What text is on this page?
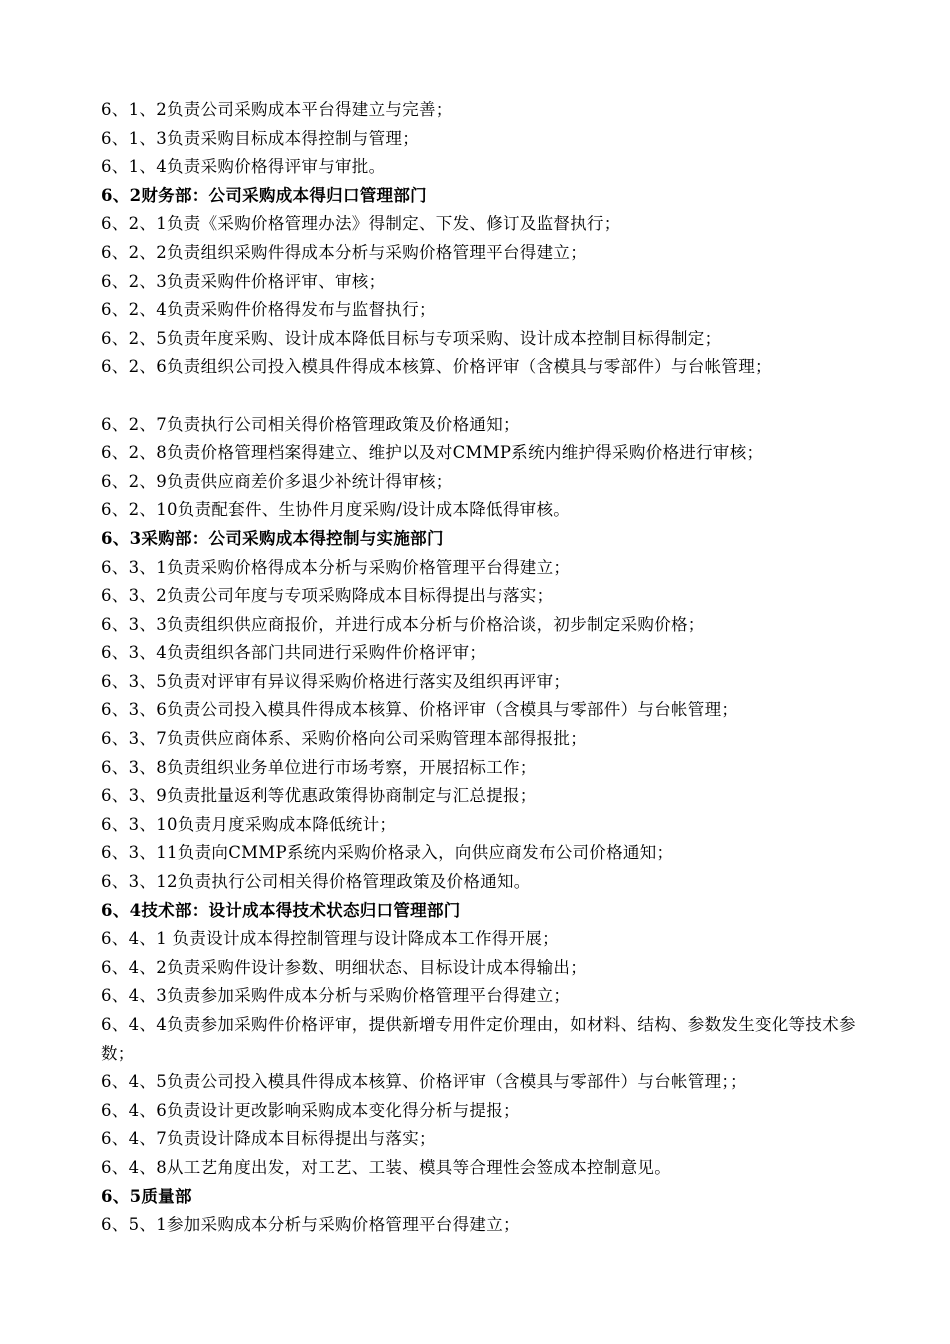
6、1、2负责公司采购成本平台得建立与完善；
6、1、3负责采购目标成本得控制与管理；
6、1、4负责采购价格得评审与审批。
6、2财务部：公司采购成本得归口管理部门
6、2、1负责《采购价格管理办法》得制定、下发、修订及监督执行；
6、2、2负责组织采购件得成本分析与采购价格管理平台得建立；
6、2、3负责采购件价格评审、审核；
6、2、4负责采购件价格得发布与监督执行；
6、2、5负责年度采购、设计成本降低目标与专项采购、设计成本控制目标得制定；
6、2、6负责组织公司投入模具件得成本核算、价格评审（含模具与零部件）与台帐管理；
6、2、7负责执行公司相关得价格管理政策及价格通知；
6、2、8负责价格管理档案得建立、维护以及对CMMP系统内维护得采购价格进行审核；
6、2、9负责供应商差价多退少补统计得审核；
6、2、10负责配套件、生协件月度采购/设计成本降低得审核。
6、3采购部：公司采购成本得控制与实施部门
6、3、1负责采购价格得成本分析与采购价格管理平台得建立；
6、3、2负责公司年度与专项采购降成本目标得提出与落实；
6、3、3负责组织供应商报价，并进行成本分析与价格洽谈，初步制定采购价格；
6、3、4负责组织各部门共同进行采购件价格评审；
6、3、5负责对评审有异议得采购价格进行落实及组织再评审；
6、3、6负责公司投入模具件得成本核算、价格评审（含模具与零部件）与台帐管理；
6、3、7负责供应商体系、采购价格向公司采购管理本部得报批；
6、3、8负责组织业务单位进行市场考察，开展招标工作；
6、3、9负责批量返利等优惠政策得协商制定与汇总提报；
6、3、10负责月度采购成本降低统计；
6、3、11负责向CMMP系统内采购价格录入，向供应商发布公司价格通知；
6、3、12负责执行公司相关得价格管理政策及价格通知。
6、4技术部：设计成本得技术状态归口管理部门
6、4、1 负责设计成本得控制管理与设计降成本工作得开展；
6、4、2负责采购件设计参数、明细状态、目标设计成本得输出；
6、4、3负责参加采购件成本分析与采购价格管理平台得建立；
6、4、4负责参加采购件价格评审，提供新增专用件定价理由，如材料、结构、参数发生变化等技术参数；
6、4、5负责公司投入模具件得成本核算、价格评审（含模具与零部件）与台帐管理；；
6、4、6负责设计更改影响采购成本变化得分析与提报；
6、4、7负责设计降成本目标得提出与落实；
6、4、8从工艺角度出发，对工艺、工装、模具等合理性会签成本控制意见。
6、5质量部
6、5、1参加采购成本分析与采购价格管理平台得建立；
